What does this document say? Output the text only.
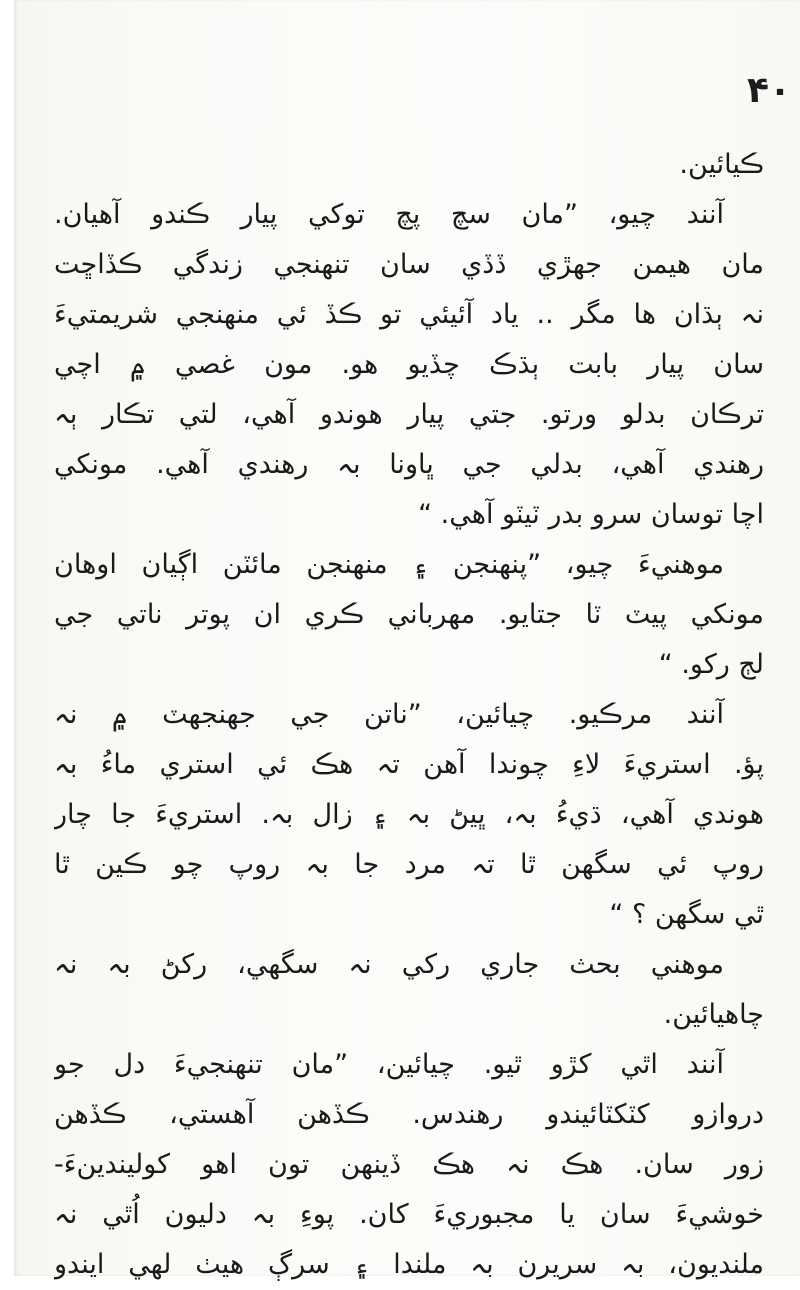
۴۰
ڪيائين.
آنند چيو، ”مان سچ پچ توکي پيار ڪندو آهيان.
مان هيمن جهڙي ڏڏي سان تنهنجي زندگي ڪڏاڇت
نہ ٻڌان ها مگر .. ياد آئيئي تو ڪڏ ئي منهنجي شريمتيءَ
سان پيار بابت ٻڌڪ چڏيو هو. مون غصي ۾ اچي
ترڪان بدلو ورتو. جتي پيار هوندو آهي، لتي تڪار ٻہ
رهندي آهي، بدلي جي ڀاونا بہ رهندي آهي. مونکي
اچا توسان سرو بدر ٽيٽو آهي. “
موهنيءَ چيو، ”پنهنجن ۽ منهنجن مائٽن اڳيان اوهان
مونکي پيٽ ٽا جتايو. مهرباني ڪري ان پوتر ناتي جي
لڄ رکو. “
آنند مرڪيو. چيائين، ”ناتن جي جهنجهٽ ۾ نہ
پؤ. استريءَ لاءِ چوندا آهن تہ هڪ ئي استري ماءُ بہ
هوندي آهي، ڌيءُ بہ، ڀيڻ بہ ۽ زال بہ. استريءَ جا چار
روپ ئي سگهن ٿا تہ مرد جا بہ روپ چو ڪين ٿا
ٿي سگهن ؟ “
موهني بحث جاري رکي نہ سگهي، رکڻ بہ نہ
چاهيائين.
آنند اٿي کڙو ٿيو. چيائين، ”مان تنهنجيءَ دل جو
دروازو کٽکٽائيندو رهندس. ڪڏهن آهستي، ڪڏهن
زور سان. هڪ نہ هڪ ڏينهن تون اهو کوليندينءَ-
خوشيءَ سان يا مجبوريءَ کان. پوءِ بہ دليون اُٿي نہ
ملنديون، بہ سريرن بہ ملندا ۽ سرڳ هيٺ لهي ايندو
